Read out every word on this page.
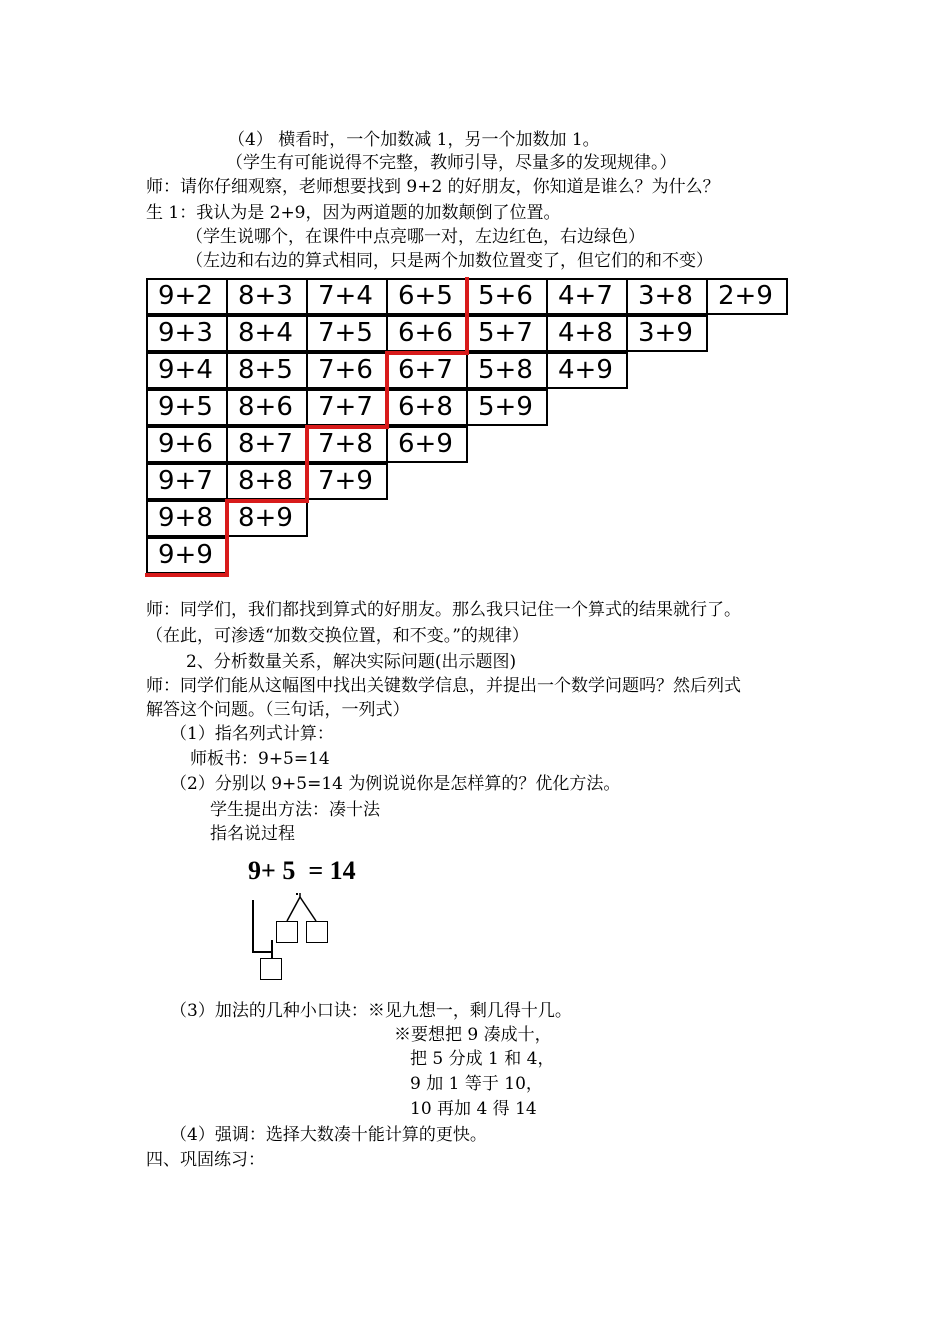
（4） 横看时，一个加数减 1，另一个加数加 1。
（学生有可能说得不完整，教师引导，尽量多的发现规律。）
师：请你仔细观察，老师想要找到 9+2 的好朋友，你知道是谁么？为什么？
生 1：我认为是 2+9，因为两道题的加数颠倒了位置。
（学生说哪个，在课件中点亮哪一对，左边红色，右边绿色）
（左边和右边的算式相同，只是两个加数位置变了，但它们的和不变）
9+2 8+3 7+4 6+5 5+6 4+7 3+8 2+9
9+3 8+4 7+5 6+6 5+7 4+8 3+9
9+4 8+5 7+6 6+7 5+8 4+9
9+5 8+6 7+7 6+8 5+9
9+6 8+7 7+8 6+9
9+7 8+8 7+9
9+8 8+9
9+9
师：同学们，我们都找到算式的好朋友。那么我只记住一个算式的结果就行了。
（在此，可渗透“加数交换位置，和不变。”的规律）
2、分析数量关系，解决实际问题(出示题图)
师：同学们能从这幅图中找出关键数学信息，并提出一个数学问题吗？然后列式
解答这个问题。（三句话，一列式）
（1）指名列式计算：
师板书：9+5=14
（2）分别以 9+5=14 为例说说你是怎样算的？优化方法。
学生提出方法：凑十法
指名说过程
9+ 5  = 14
（3）加法的几种小口诀：※见九想一，剩几得十几。
※要想把 9 凑成十，
把 5 分成 1 和 4，
9 加 1 等于 10，
10 再加 4 得 14
（4）强调：选择大数凑十能计算的更快。
四、巩固练习：
